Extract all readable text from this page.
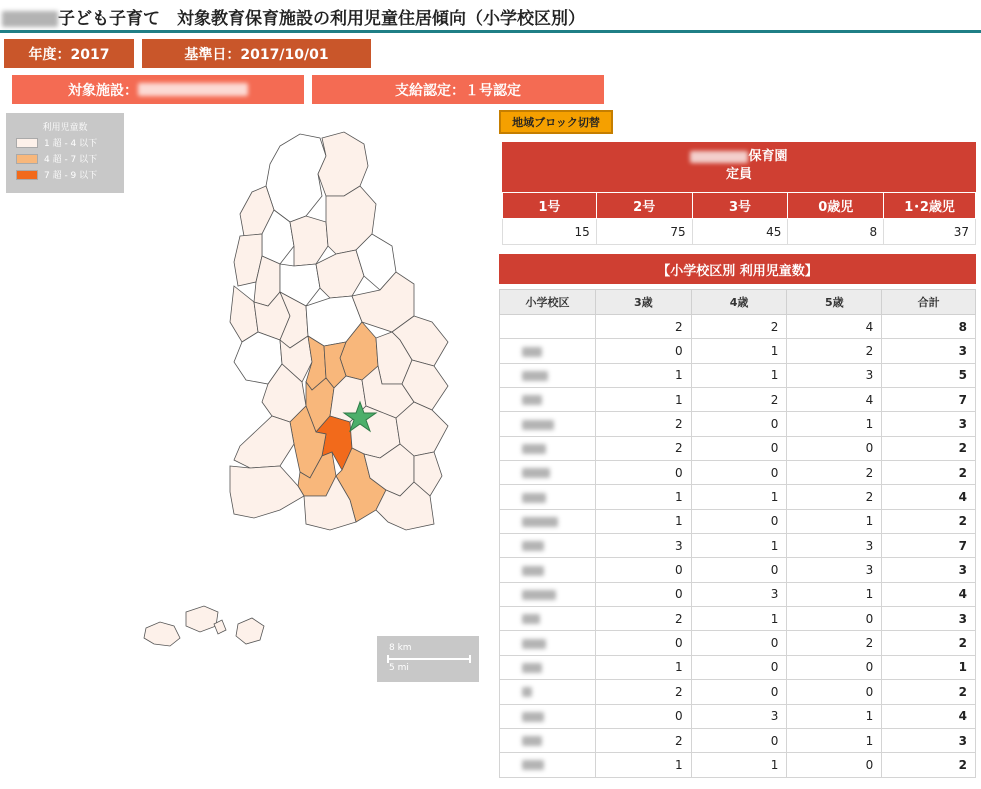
子ども子育て　対象教育保育施設の利用児童住居傾向（小学校区別）
年度：2017	基準日：2017/10/01
対象施設：	支給認定：１号認定
利用児童数
1 超 - 4 以下
4 超 - 7 以下
7 超 - 9 以下
8 km
5 mi
地域ブロック切替
保育園
定員
1号	2号	3号	0歳児	1･2歳児
15	75	45	8	37
【小学校区別 利用児童数】
小学校区	3歳	4歳	5歳	合計
	2	2	4	8
	0	1	2	3
	1	1	3	5
	1	2	4	7
	2	0	1	3
	2	0	0	2
	0	0	2	2
	1	1	2	4
	1	0	1	2
	3	1	3	7
	0	0	3	3
	0	3	1	4
	2	1	0	3
	0	0	2	2
	1	0	0	1
	2	0	0	2
	0	3	1	4
	2	0	1	3
	1	1	0	2
